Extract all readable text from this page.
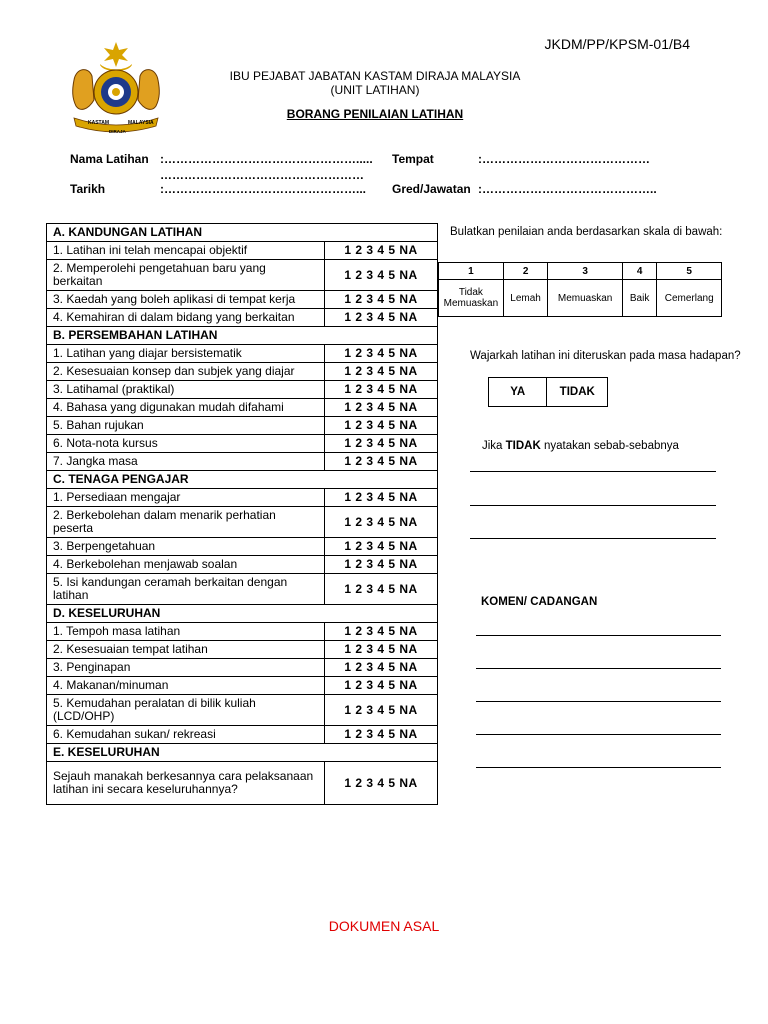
JKDM/PP/KPSM-01/B4
KASTAM	MALAYSIA
DIRAJA
IBU PEJABAT JABATAN KASTAM DIRAJA MALAYSIA
(UNIT LATIHAN)
BORANG PENILAIAN LATIHAN
Nama Latihan :…………………………………………..... Tempat	:……………………………………
……………………………………………
Tarikh	:…………………………………………... Gred/Jawatan :……………………………………..
A. KANDUNGAN LATIHAN	
1. Latihan ini telah mencapai objektif	1 2 3 4 5 NA
2. Memperolehi pengetahuan baru yang berkaitan	1 2 3 4 5 NA
3. Kaedah yang boleh aplikasi di tempat kerja	1 2 3 4 5 NA
4. Kemahiran di dalam bidang yang berkaitan	1 2 3 4 5 NA
B. PERSEMBAHAN LATIHAN	
1. Latihan yang diajar bersistematik	1 2 3 4 5 NA
2. Kesesuaian konsep dan subjek yang diajar	1 2 3 4 5 NA
3. Latihamal (praktikal)	1 2 3 4 5 NA
4. Bahasa yang digunakan mudah difahami	1 2 3 4 5 NA
5. Bahan rujukan	1 2 3 4 5 NA
6. Nota-nota kursus	1 2 3 4 5 NA
7. Jangka masa	1 2 3 4 5 NA
C. TENAGA PENGAJAR	
1. Persediaan mengajar	1 2 3 4 5 NA
2. Berkebolehan dalam menarik perhatian peserta	1 2 3 4 5 NA
3. Berpengetahuan	1 2 3 4 5 NA
4. Berkebolehan menjawab soalan	1 2 3 4 5 NA
5. Isi kandungan ceramah berkaitan dengan latihan	1 2 3 4 5 NA
D. KESELURUHAN	
1. Tempoh masa latihan	1 2 3 4 5 NA
2. Kesesuaian tempat latihan	1 2 3 4 5 NA
3. Penginapan	1 2 3 4 5 NA
4. Makanan/minuman	1 2 3 4 5 NA
5. Kemudahan peralatan di bilik kuliah (LCD/OHP)	1 2 3 4 5 NA
6. Kemudahan sukan/ rekreasi	1 2 3 4 5 NA
E. KESELURUHAN	
Sejauh manakah berkesannya cara pelaksanaan latihan ini secara keseluruhannya?	1 2 3 4 5 NA
Bulatkan penilaian anda berdasarkan skala di bawah:
1	2	3	4	5
Tidak Memuaskan	Lemah	Memuaskan	Baik	Cemerlang
Wajarkah latihan ini diteruskan pada masa hadapan?
YA	TIDAK
Jika TIDAK nyatakan sebab-sebabnya
KOMEN/ CADANGAN
DOKUMEN ASAL
